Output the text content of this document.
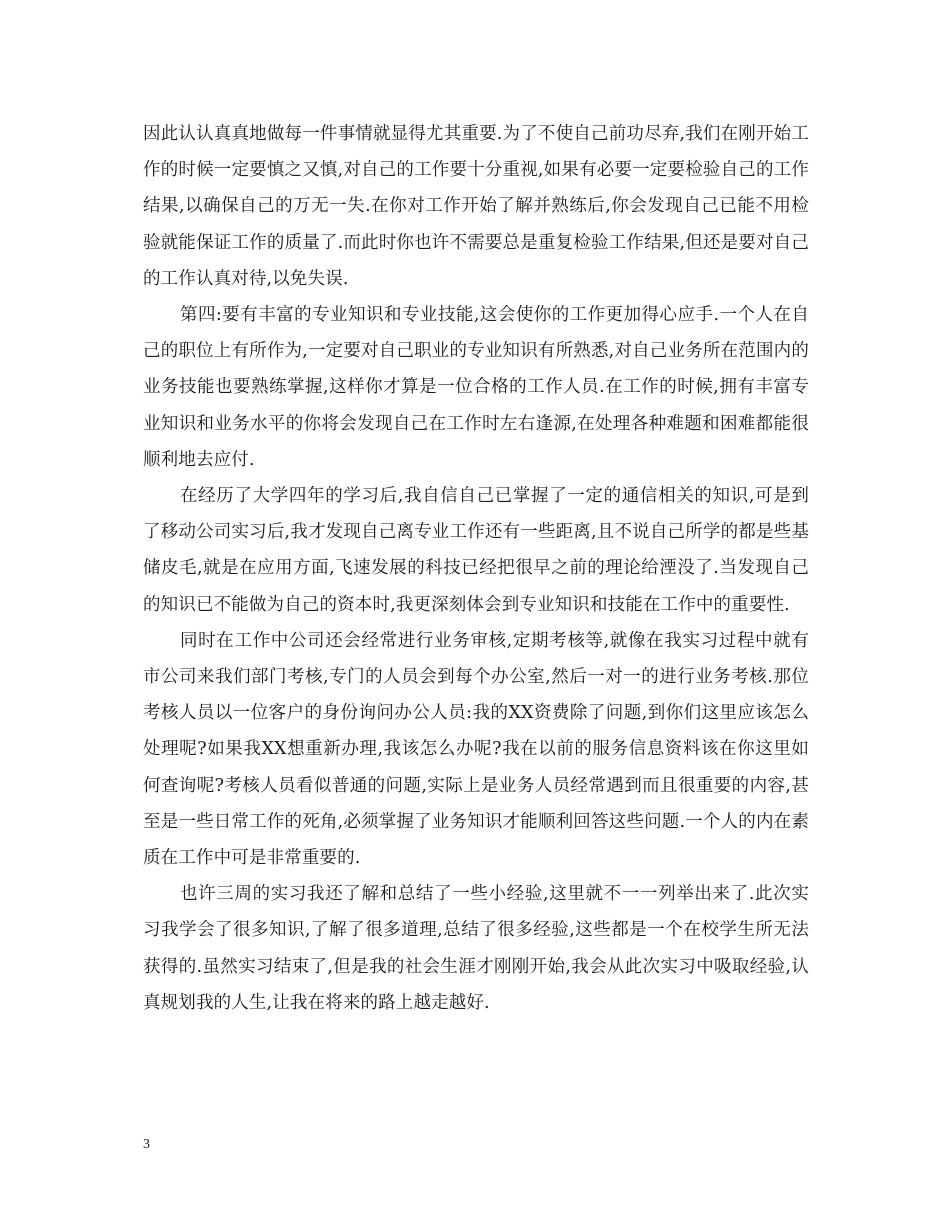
因此认认真真地做每一件事情就显得尤其重要.为了不使自己前功尽弃,我们在刚开始工作的时候一定要慎之又慎,对自己的工作要十分重视,如果有必要一定要检验自己的工作结果,以确保自己的万无一失.在你对工作开始了解并熟练后,你会发现自己已能不用检验就能保证工作的质量了.而此时你也许不需要总是重复检验工作结果,但还是要对自己的工作认真对待,以免失误.

第四:要有丰富的专业知识和专业技能,这会使你的工作更加得心应手.一个人在自己的职位上有所作为,一定要对自己职业的专业知识有所熟悉,对自己业务所在范围内的业务技能也要熟练掌握,这样你才算是一位合格的工作人员.在工作的时候,拥有丰富专业知识和业务水平的你将会发现自己在工作时左右逢源,在处理各种难题和困难都能很顺利地去应付.

在经历了大学四年的学习后,我自信自己已掌握了一定的通信相关的知识,可是到了移动公司实习后,我才发现自己离专业工作还有一些距离,且不说自己所学的都是些基储皮毛,就是在应用方面,飞速发展的科技已经把很早之前的理论给湮没了.当发现自己的知识已不能做为自己的资本时,我更深刻体会到专业知识和技能在工作中的重要性.

同时在工作中公司还会经常进行业务审核,定期考核等,就像在我实习过程中就有市公司来我们部门考核,专门的人员会到每个办公室,然后一对一的进行业务考核.那位考核人员以一位客户的身份询问办公人员:我的XX资费除了问题,到你们这里应该怎么处理呢?如果我XX想重新办理,我该怎么办呢?我在以前的服务信息资料该在你这里如何查询呢?考核人员看似普通的问题,实际上是业务人员经常遇到而且很重要的内容,甚至是一些日常工作的死角,必须掌握了业务知识才能顺利回答这些问题.一个人的内在素质在工作中可是非常重要的.

也许三周的实习我还了解和总结了一些小经验,这里就不一一列举出来了.此次实习我学会了很多知识,了解了很多道理,总结了很多经验,这些都是一个在校学生所无法获得的.虽然实习结束了,但是我的社会生涯才刚刚开始,我会从此次实习中吸取经验,认真规划我的人生,让我在将来的路上越走越好.

3
